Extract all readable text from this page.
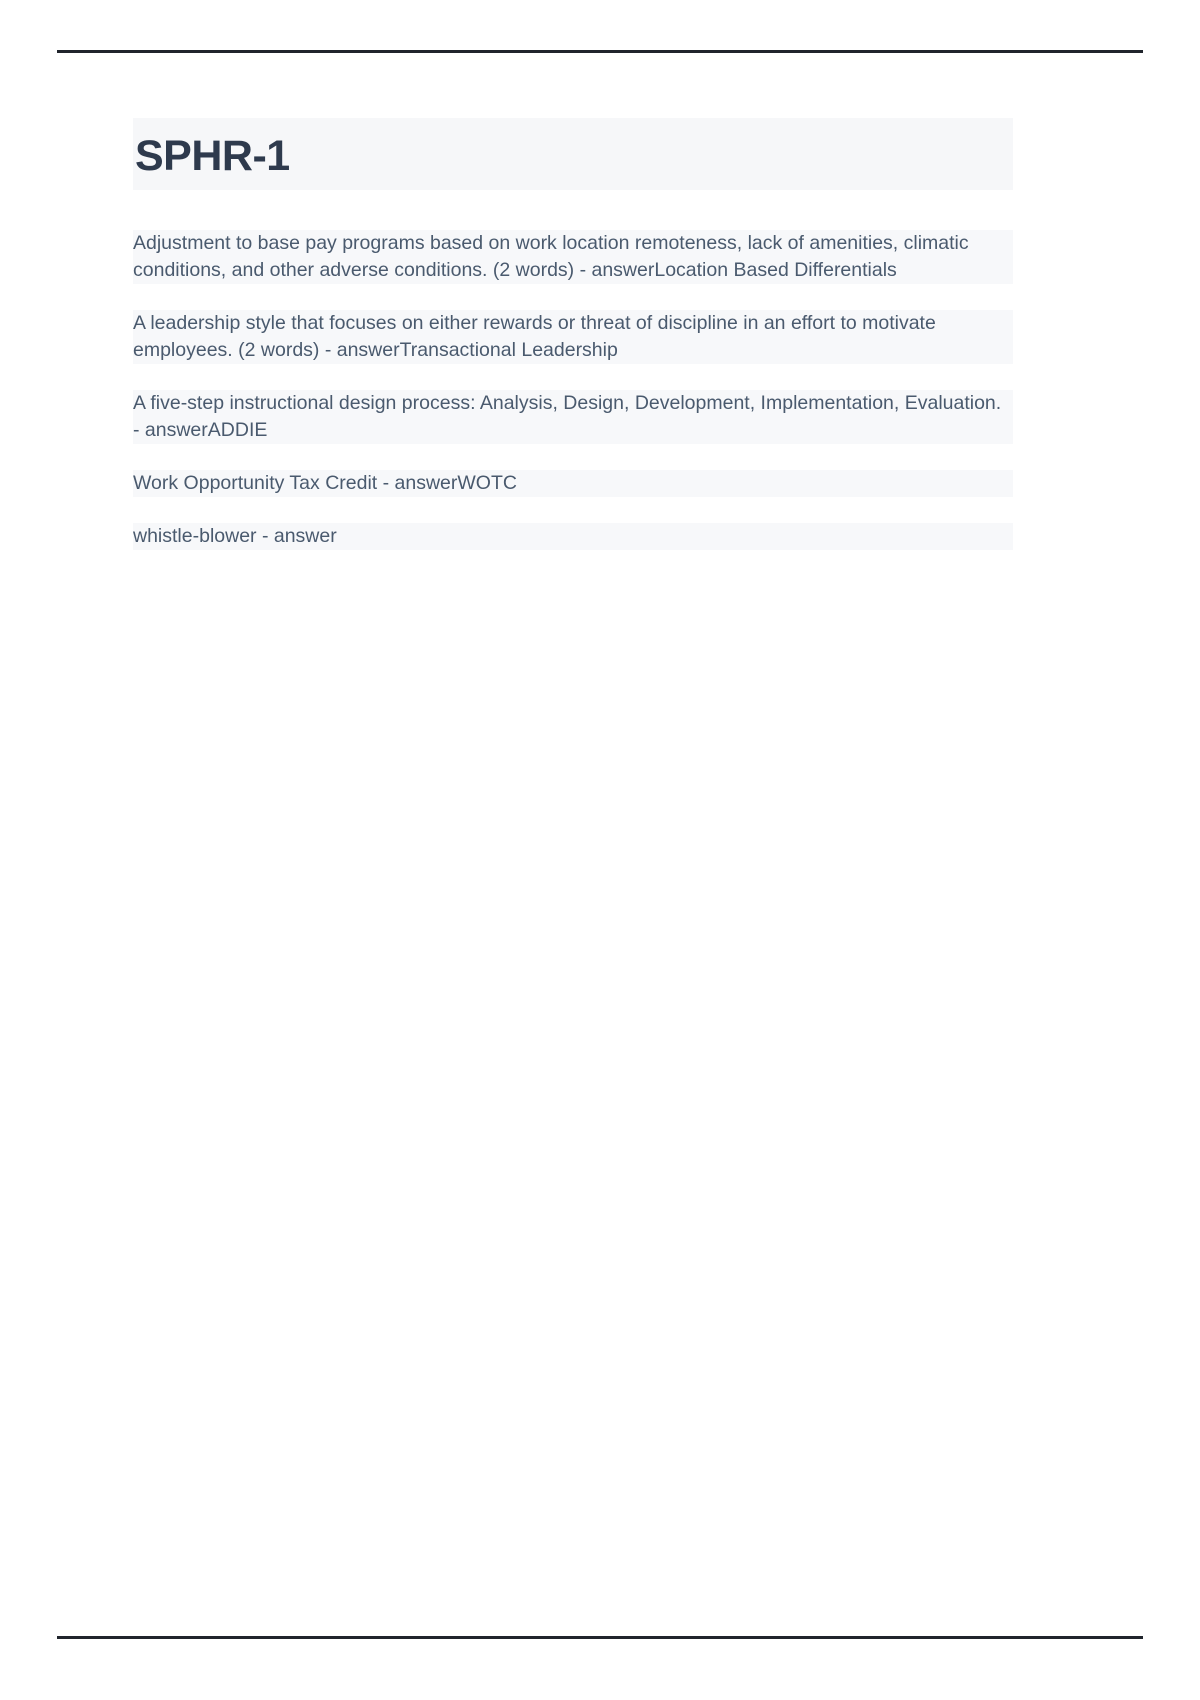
SPHR-1

Adjustment to base pay programs based on work location remoteness, lack of amenities, climatic conditions, and other adverse conditions. (2 words) - answerLocation Based Differentials

A leadership style that focuses on either rewards or threat of discipline in an effort to motivate employees. (2 words) - answerTransactional Leadership

A five-step instructional design process: Analysis, Design, Development, Implementation, Evaluation. - answerADDIE

Work Opportunity Tax Credit - answerWOTC

whistle-blower - answer
